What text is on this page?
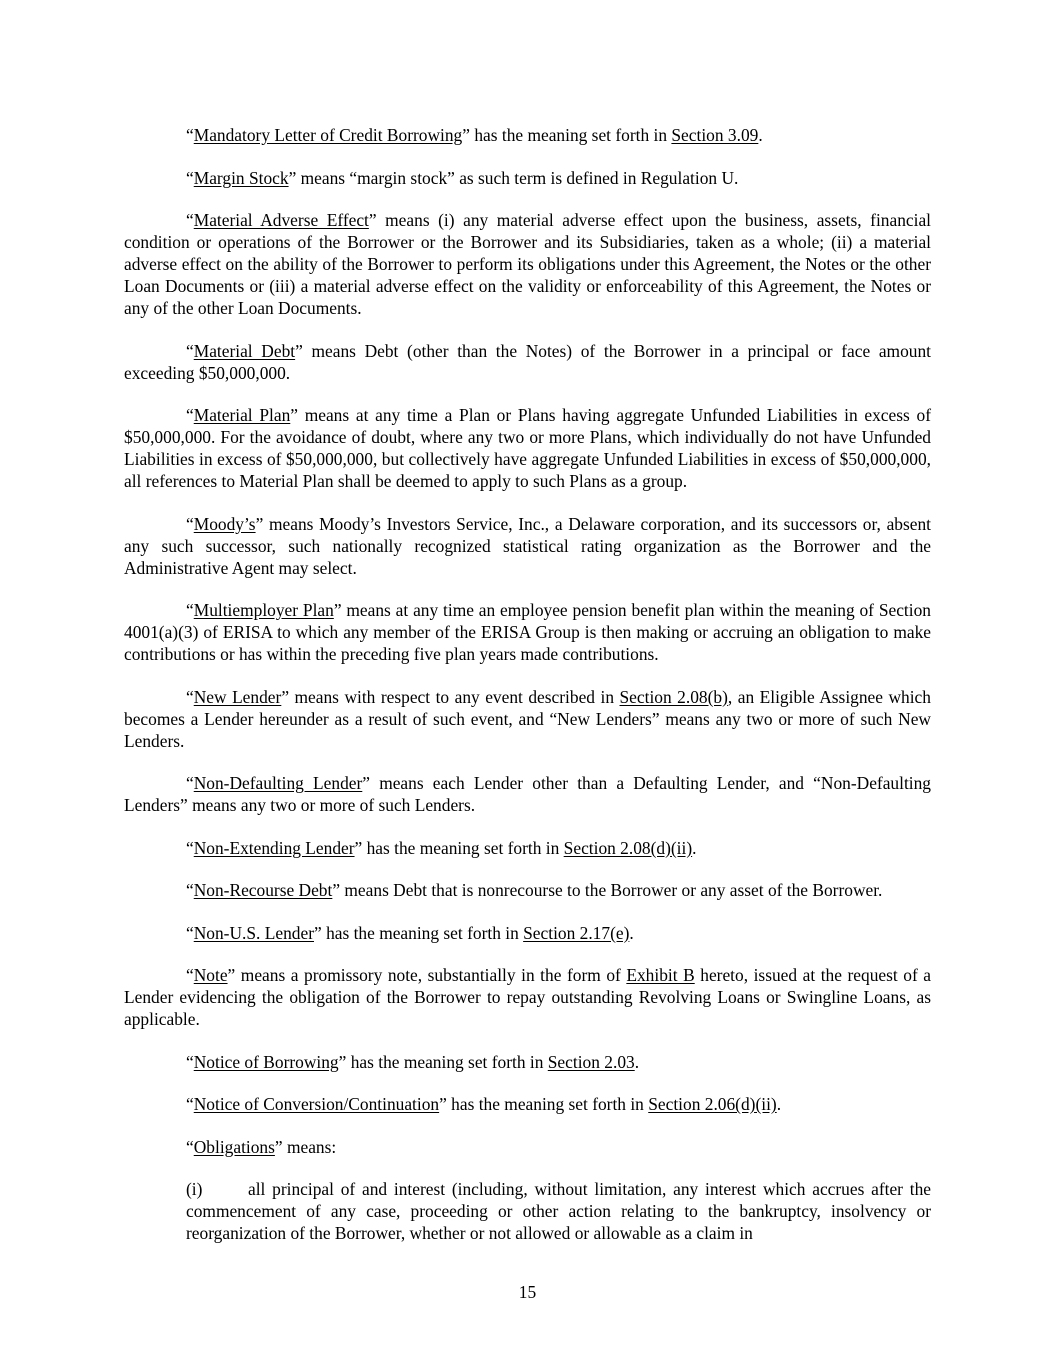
“Mandatory Letter of Credit Borrowing” has the meaning set forth in Section 3.09.

“Margin Stock” means “margin stock” as such term is defined in Regulation U.

“Material Adverse Effect” means (i) any material adverse effect upon the business, assets, financial condition or operations of the Borrower or the Borrower and its Subsidiaries, taken as a whole; (ii) a material adverse effect on the ability of the Borrower to perform its obligations under this Agreement, the Notes or the other Loan Documents or (iii) a material adverse effect on the validity or enforceability of this Agreement, the Notes or any of the other Loan Documents.

“Material Debt” means Debt (other than the Notes) of the Borrower in a principal or face amount exceeding $50,000,000.

“Material Plan” means at any time a Plan or Plans having aggregate Unfunded Liabilities in excess of $50,000,000. For the avoidance of doubt, where any two or more Plans, which individually do not have Unfunded Liabilities in excess of $50,000,000, but collectively have aggregate Unfunded Liabilities in excess of $50,000,000, all references to Material Plan shall be deemed to apply to such Plans as a group.

“Moody’s” means Moody’s Investors Service, Inc., a Delaware corporation, and its successors or, absent any such successor, such nationally recognized statistical rating organization as the Borrower and the Administrative Agent may select.

“Multiemployer Plan” means at any time an employee pension benefit plan within the meaning of Section 4001(a)(3) of ERISA to which any member of the ERISA Group is then making or accruing an obligation to make contributions or has within the preceding five plan years made contributions.

“New Lender” means with respect to any event described in Section 2.08(b), an Eligible Assignee which becomes a Lender hereunder as a result of such event, and “New Lenders” means any two or more of such New Lenders.

“Non-Defaulting Lender” means each Lender other than a Defaulting Lender, and “Non-Defaulting Lenders” means any two or more of such Lenders.

“Non-Extending Lender” has the meaning set forth in Section 2.08(d)(ii).

“Non-Recourse Debt” means Debt that is nonrecourse to the Borrower or any asset of the Borrower.

“Non-U.S. Lender” has the meaning set forth in Section 2.17(e).

“Note” means a promissory note, substantially in the form of Exhibit B hereto, issued at the request of a Lender evidencing the obligation of the Borrower to repay outstanding Revolving Loans or Swingline Loans, as applicable.

“Notice of Borrowing” has the meaning set forth in Section 2.03.

“Notice of Conversion/Continuation” has the meaning set forth in Section 2.06(d)(ii).

“Obligations” means:

(i)	all principal of and interest (including, without limitation, any interest which accrues after the commencement of any case, proceeding or other action relating to the bankruptcy, insolvency or reorganization of the Borrower, whether or not allowed or allowable as a claim in

15
